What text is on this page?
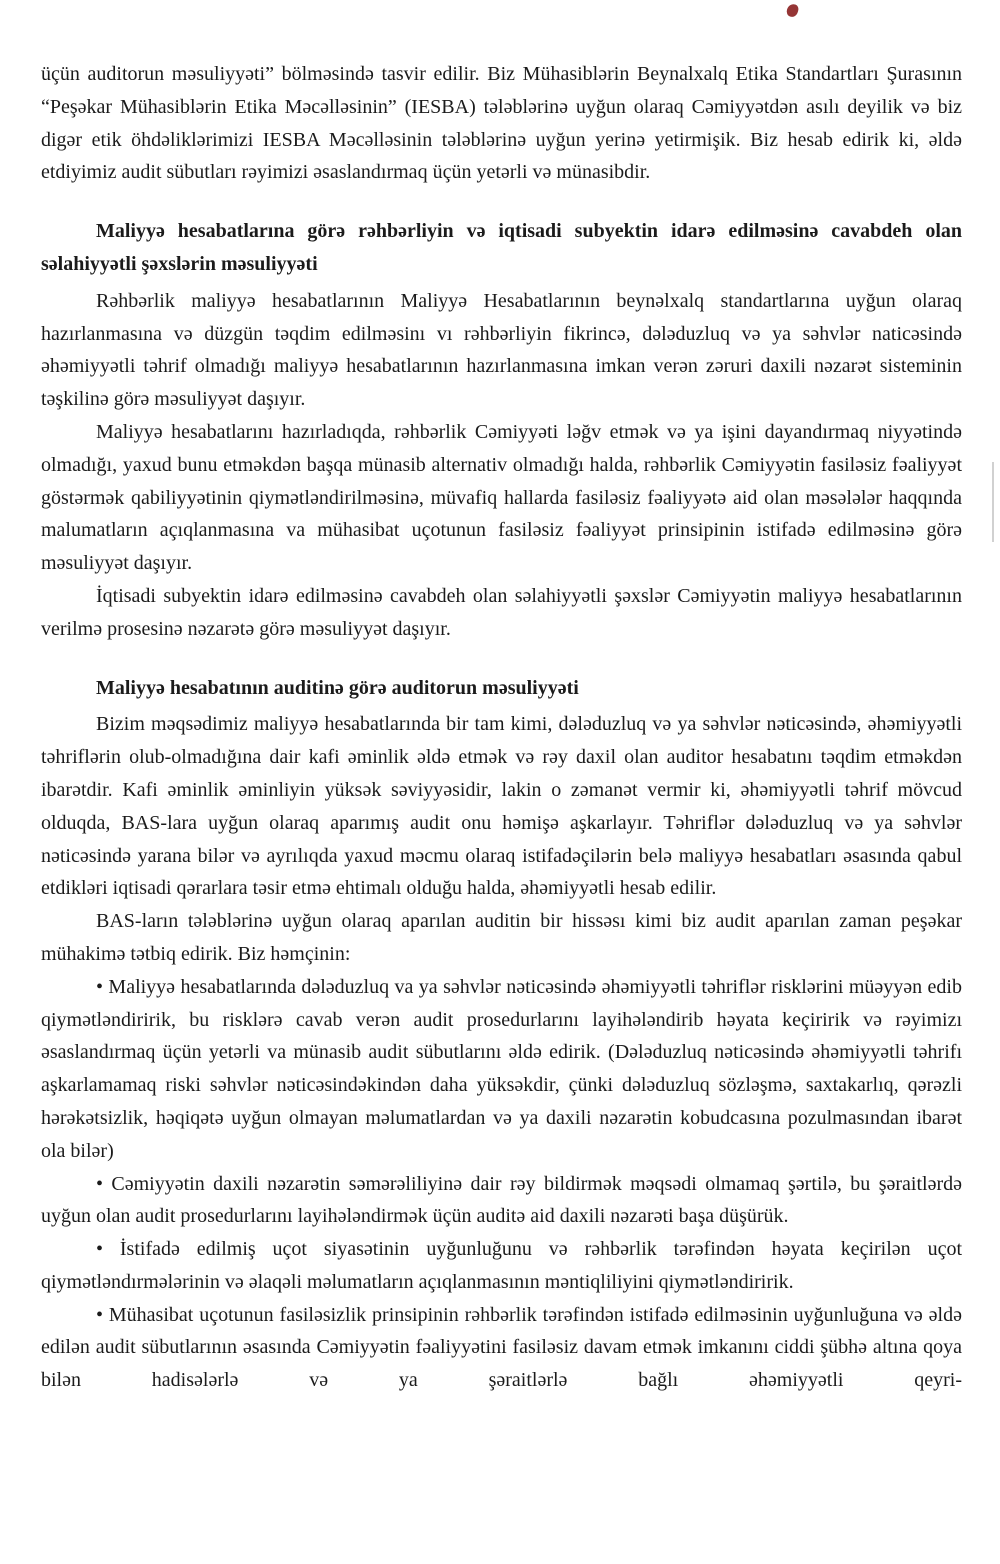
üçün auditorun məsuliyyəti” bölməsində tasvir edilir. Biz Mühasiblərin Beynalxalq Etika Standartları Şurasının “Peşəkar Mühasiblərin Etika Məcəlləsinin” (IESBA) tələblərinə uyğun olaraq Cəmiyyətdən asılı deyilik və biz digər etik öhdəliklərimizi IESBA Məcəlləsinin tələblərinə uyğun yerinə yetirmişik. Biz hesab edirik ki, əldə etdiyimiz audit sübutları rəyimizi əsaslandırmaq üçün yetərli və münasibdir.

Maliyyə hesabatlarına görə rəhbərliyin və iqtisadi subyektin idarə edilməsinə cavabdeh olan səlahiyyətli şəxslərin məsuliyyəti

Rəhbərlik maliyyə hesabatlarının Maliyyə Hesabatlarının beynəlxalq standartlarına uyğun olaraq hazırlanmasına və düzgün təqdim edilməsinı vı rəhbərliyin fikrincə, dələduzluq və ya səhvlər naticəsində əhəmiyyətli təhrif olmadığı maliyyə hesabatlarının hazırlanmasına imkan verən zəruri daxili nəzarət sisteminin təşkilinə görə məsuliyyət daşıyır.

Maliyyə hesabatlarını hazırladıqda, rəhbərlik Cəmiyyəti ləğv etmək və ya işini dayandırmaq niyyətində olmadığı, yaxud bunu etməkdən başqa münasib alternativ olmadığı halda, rəhbərlik Cəmiyyətin fasiləsiz fəaliyyət göstərmək qabiliyyətinin qiymətləndirilməsinə, müvafiq hallarda fasiləsiz fəaliyyətə aid olan məsələlər haqqında malumatların açıqlanmasına va mühasibat uçotunun fasiləsiz fəaliyyət prinsipinin istifadə edilməsinə görə məsuliyyət daşıyır.

İqtisadi subyektin idarə edilməsinə cavabdeh olan səlahiyyətli şəxslər Cəmiyyətin maliyyə hesabatlarının verilmə prosesinə nəzarətə görə məsuliyyət daşıyır.

Maliyyə hesabatının auditinə görə auditorun məsuliyyəti

Bizim məqsədimiz maliyyə hesabatlarında bir tam kimi, dələduzluq və ya səhvlər nəticəsində, əhəmiyyətli təhriflərin olub-olmadığına dair kafi əminlik əldə etmək və rəy daxil olan auditor hesabatını təqdim etməkdən ibarətdir. Kafi əminlik əminliyin yüksək səviyyəsidir, lakin o zəmanət vermir ki, əhəmiyyətli təhrif mövcud olduqda, BAS-lara uyğun olaraq aparımış audit onu həmişə aşkarlayır. Təhriflər dələduzluq və ya səhvlər nəticəsində yarana bilər və ayrılıqda yaxud məcmu olaraq istifadəçilərin belə maliyyə hesabatları əsasında qabul etdikləri iqtisadi qərarlara təsir etmə ehtimalı olduğu halda, əhəmiyyətli hesab edilir.

BAS-ların tələblərinə uyğun olaraq aparılan auditin bir hissəsı kimi biz audit aparılan zaman peşəkar mühakimə tətbiq edirik. Biz həmçinin:

• Maliyyə hesabatlarında dələduzluq va ya səhvlər nəticəsində əhəmiyyətli təhriflər risklərini müəyyən edib qiymətləndiririk, bu risklərə cavab verən audit prosedurlarını layihələndirib həyata keçiririk və rəyimizı əsaslandırmaq üçün yetərli va münasib audit sübutlarını əldə edirik. (Dələduzluq nəticəsində əhəmiyyətli təhrifı aşkarlamamaq riski səhvlər nəticəsindəkindən daha yüksəkdir, çünki dələduzluq sözləşmə, saxtakarlıq, qərəzli hərəkətsizlik, həqiqətə uyğun olmayan məlumatlardan və ya daxili nəzarətin kobudcasına pozulmasından ibarət ola bilər)

• Cəmiyyətin daxili nəzarətin səmərəliliyinə dair rəy bildirmək məqsədi olmamaq şərtilə, bu şəraitlərdə uyğun olan audit prosedurlarını layihələndirmək üçün auditə aid daxili nəzarəti başa düşürük.

• İstifadə edilmiş uçot siyasətinin uyğunluğunu və rəhbərlik tərəfindən həyata keçirilən uçot qiymətləndırmələrinin və əlaqəli məlumatların açıqlanmasının məntiqliliyini qiymətləndiririk.

• Mühasibat uçotunun fasiləsizlik prinsipinin rəhbərlik tərəfindən istifadə edilməsinin uyğunluğuna və əldə edilən audit sübutlarının əsasında Cəmiyyətin fəaliyyətini fasiləsiz davam etmək imkanını ciddi şübhə altına qoya bilən hadisələrlə və ya şəraitlərlə bağlı əhəmiyyətli qeyri-
